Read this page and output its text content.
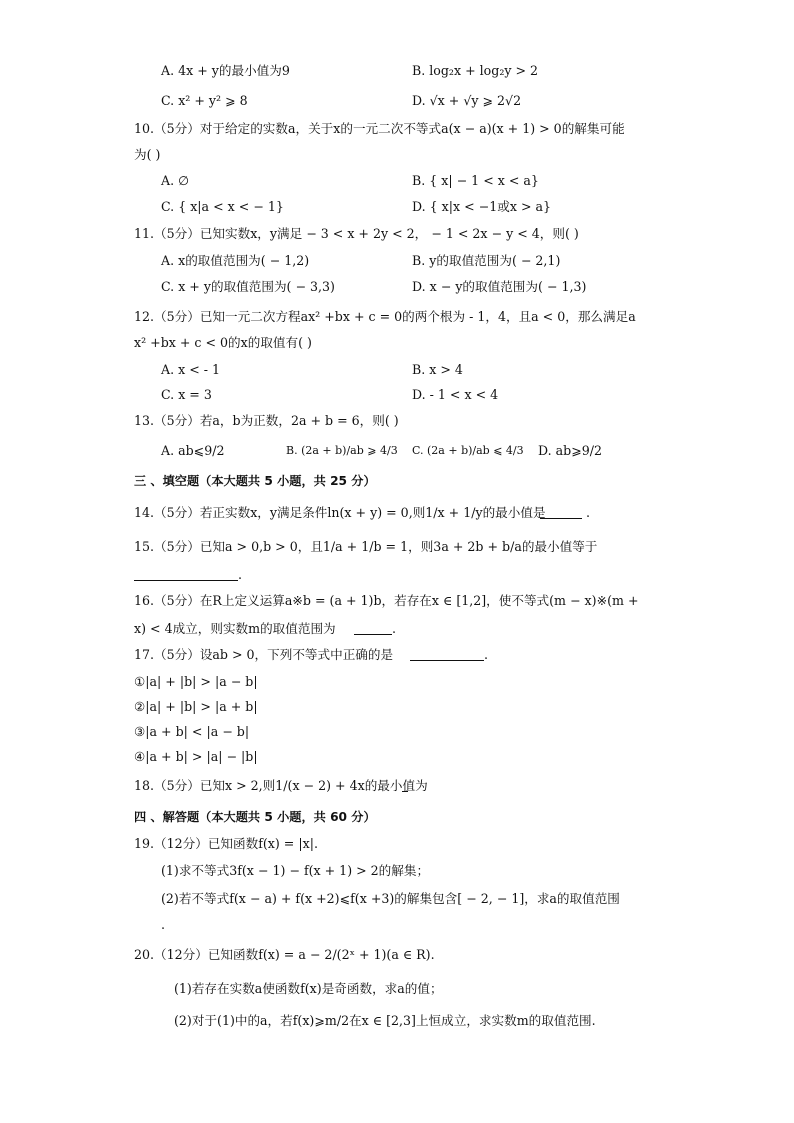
A. 4x + y的最小值为9	B. log₂x + log₂y > 2
C. x² + y² ⩾ 8	D. √x + √y ⩾ 2√2
10.（5分）对于给定的实数a，关于x的一元二次不等式a(x − a)(x + 1) > 0的解集可能
为( )
A. ∅	B. { x| − 1 < x < a}
C. { x|a < x < − 1}	D. { x|x < −1或x > a}
11.（5分）已知实数x，y满足 − 3 < x + 2y < 2， − 1 < 2x − y < 4，则( )
A. x的取值范围为( − 1,2)	B. y的取值范围为( − 2,1)
C. x + y的取值范围为( − 3,3)	D. x − y的取值范围为( − 1,3)
12.（5分）已知一元二次方程ax² +bx + c = 0的两个根为 - 1，4，且a < 0，那么满足a
x² +bx + c < 0的x的取值有( )
A. x < - 1	B. x > 4
C. x = 3	D. - 1 < x < 4
13.（5分）若a，b为正数，2a + b = 6，则( )
A. ab⩽9/2	B. (2a + b)/ab ⩾ 4/3 C. (2a + b)/ab ⩽ 4/3 D. ab⩾9/2
三 、填空题（本大题共 5 小题，共 25 分）
14.（5分）若正实数x，y满足条件ln(x + y) = 0,则1/x + 1/y的最小值是	.
15.（5分）已知a > 0,b > 0，且1/a + 1/b = 1，则3a + 2b + b/a的最小值等于
.
16.（5分）在R上定义运算a※b = (a + 1)b，若存在x ∈ [1,2]，使不等式(m − x)※(m +
x) < 4成立，则实数m的取值范围为	.
17.（5分）设ab > 0，下列不等式中正确的是	.
①|a| + |b| > |a − b|
②|a| + |b| > |a + b|
③|a + b| < |a − b|
④|a + b| > |a| − |b|
18.（5分）已知x > 2,则1/(x − 2) + 4x的最小值为
四 、解答题（本大题共 5 小题，共 60 分）
19.（12分）已知函数f(x) = |x|.
(1)求不等式3f(x − 1) − f(x + 1) > 2的解集；
(2)若不等式f(x − a) + f(x +2)⩽f(x +3)的解集包含[ − 2, − 1]，求a的取值范围
.
20.（12分）已知函数f(x) = a − 2/(2ˣ + 1)(a ∈ R).
(1)若存在实数a使函数f(x)是奇函数，求a的值；
(2)对于(1)中的a，若f(x)⩾m/2在x ∈ [2,3]上恒成立，求实数m的取值范围.
